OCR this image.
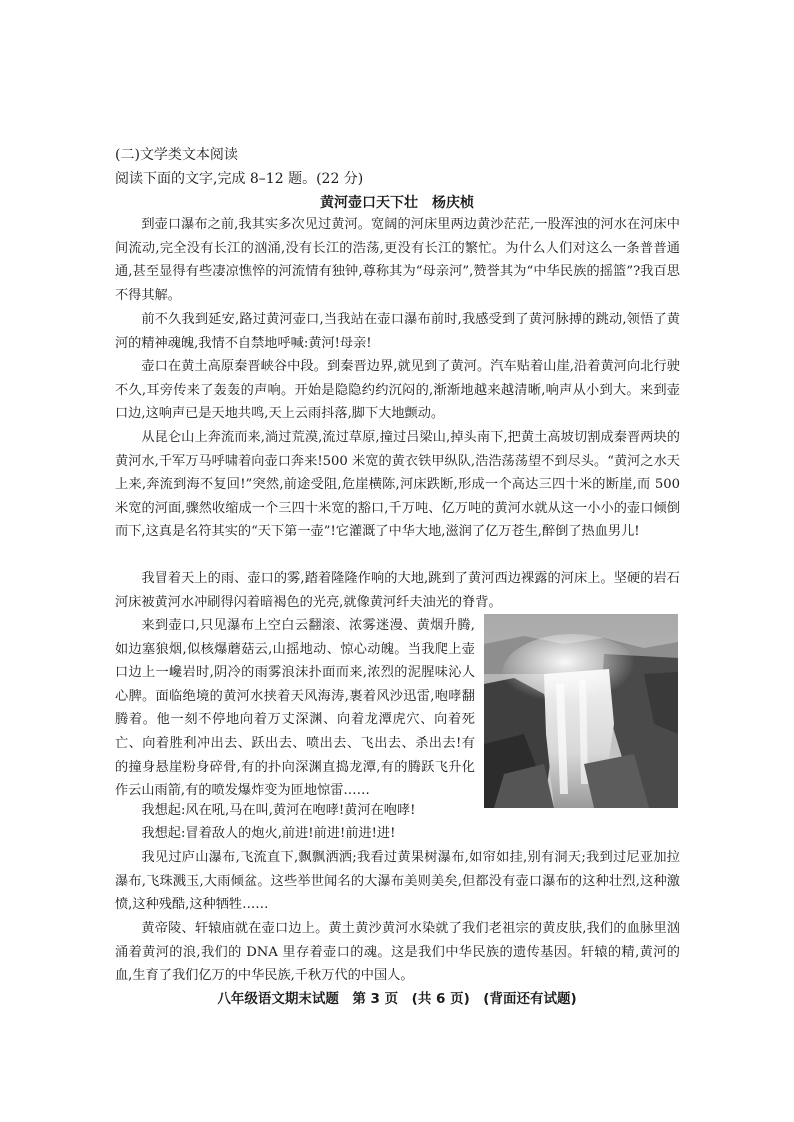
(二)文学类文本阅读
阅读下面的文字,完成 8–12 题。(22 分)
黄河壶口天下壮　杨庆桢

到壶口瀑布之前,我其实多次见过黄河。宽阔的河床里两边黄沙茫茫,一股浑浊的河水在河床中间流动,完全没有长江的汹涌,没有长江的浩荡,更没有长江的繁忙。为什么人们对这么一条普普通通,甚至显得有些凄凉憔悴的河流情有独钟,尊称其为“母亲河”,赞誉其为“中华民族的摇篮”?我百思不得其解。

前不久我到延安,路过黄河壶口,当我站在壶口瀑布前时,我感受到了黄河脉搏的跳动,领悟了黄河的精神魂魄,我情不自禁地呼喊:黄河!母亲!

壶口在黄土高原秦晋峡谷中段。到秦晋边界,就见到了黄河。汽车贴着山崖,沿着黄河向北行驶不久,耳旁传来了轰轰的声响。开始是隐隐约约沉闷的,渐渐地越来越清晰,响声从小到大。来到壶口边,这响声已是天地共鸣,天上云雨抖落,脚下大地颤动。

从昆仑山上奔流而来,淌过荒漠,流过草原,撞过吕梁山,掉头南下,把黄土高坡切割成秦晋两块的黄河水,千军万马呼啸着向壶口奔来!500 米宽的黄衣铁甲纵队,浩浩荡荡望不到尽头。“黄河之水天上来,奔流到海不复回!”突然,前途受阻,危崖横陈,河床跌断,形成一个高达三四十米的断崖,而 500 米宽的河面,骤然收缩成一个三四十米宽的豁口,千万吨、亿万吨的黄河水就从这一小小的壶口倾倒而下,这真是名符其实的“天下第一壶”!它灌溉了中华大地,滋润了亿万苍生,醉倒了热血男儿!

我冒着天上的雨、壶口的雾,踏着隆隆作响的大地,跳到了黄河西边裸露的河床上。坚硬的岩石河床被黄河水冲刷得闪着暗褐色的光亮,就像黄河纤夫油光的脊背。

来到壶口,只见瀑布上空白云翻滚、浓雾迷漫、黄烟升腾,如边塞狼烟,似核爆蘑菇云,山摇地动、惊心动魄。当我爬上壶口边上一巉岩时,阴冷的雨雾浪沫扑面而来,浓烈的泥腥味沁人心脾。面临绝境的黄河水挟着天风海涛,裹着风沙迅雷,咆哮翻腾着。他一刻不停地向着万丈深渊、向着龙潭虎穴、向着死亡、向着胜利冲出去、跃出去、喷出去、飞出去、杀出去!有的撞身悬崖粉身碎骨,有的扑向深渊直捣龙潭,有的腾跃飞升化作云山雨箭,有的喷发爆炸变为匝地惊雷……

我想起:风在吼,马在叫,黄河在咆哮!黄河在咆哮!

我想起:冒着敌人的炮火,前进!前进!前进!进!

我见过庐山瀑布,飞流直下,飘飘洒洒;我看过黄果树瀑布,如帘如挂,别有洞天;我到过尼亚加拉瀑布,飞珠溅玉,大雨倾盆。这些举世闻名的大瀑布美则美矣,但都没有壶口瀑布的这种壮烈,这种激愤,这种残酷,这种牺牲……

黄帝陵、轩辕庙就在壶口边上。黄土黄沙黄河水染就了我们老祖宗的黄皮肤,我们的血脉里汹涌着黄河的浪,我们的 DNA 里存着壶口的魂。这是我们中华民族的遗传基因。轩辕的精,黄河的血,生育了我们亿万的中华民族,千秋万代的中国人。

八年级语文期末试题　第 3 页　(共 6 页)　(背面还有试题)
